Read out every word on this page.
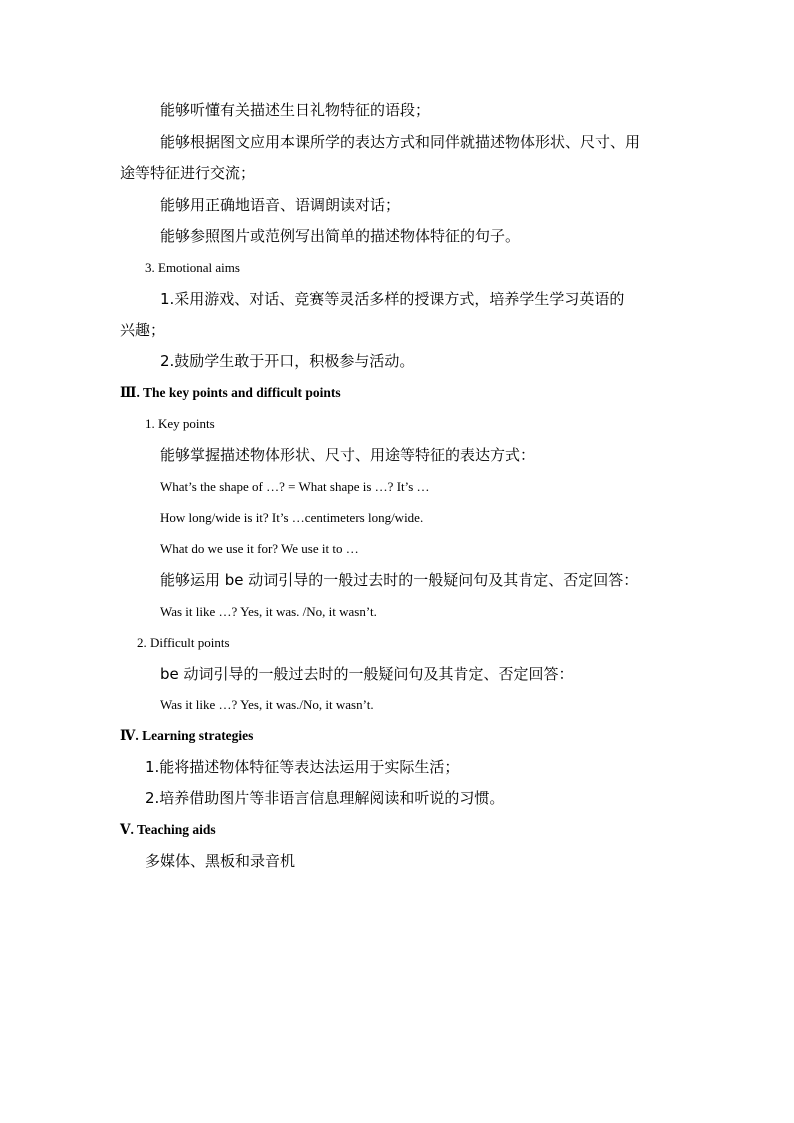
能够听懂有关描述生日礼物特征的语段；
能够根据图文应用本课所学的表达方式和同伴就描述物体形状、尺寸、用
途等特征进行交流；
能够用正确地语音、语调朗读对话；
能够参照图片或范例写出简单的描述物体特征的句子。
3. Emotional aims
1.采用游戏、对话、竞赛等灵活多样的授课方式，培养学生学习英语的
兴趣；
2.鼓励学生敢于开口，积极参与活动。
Ⅲ. The key points and difficult points
1. Key points
能够掌握描述物体形状、尺寸、用途等特征的表达方式：
What’s the shape of …? = What shape is …? It’s …
How long/wide is it? It’s …centimeters long/wide.
What do we use it for? We use it to …
能够运用 be 动词引导的一般过去时的一般疑问句及其肯定、否定回答：
Was it like …? Yes, it was. /No, it wasn’t.
2. Difficult points
be 动词引导的一般过去时的一般疑问句及其肯定、否定回答：
Was it like …? Yes, it was./No, it wasn’t.
Ⅳ. Learning strategies
1.能将描述物体特征等表达法运用于实际生活；
2.培养借助图片等非语言信息理解阅读和听说的习惯。
Ⅴ. Teaching aids
多媒体、黑板和录音机
